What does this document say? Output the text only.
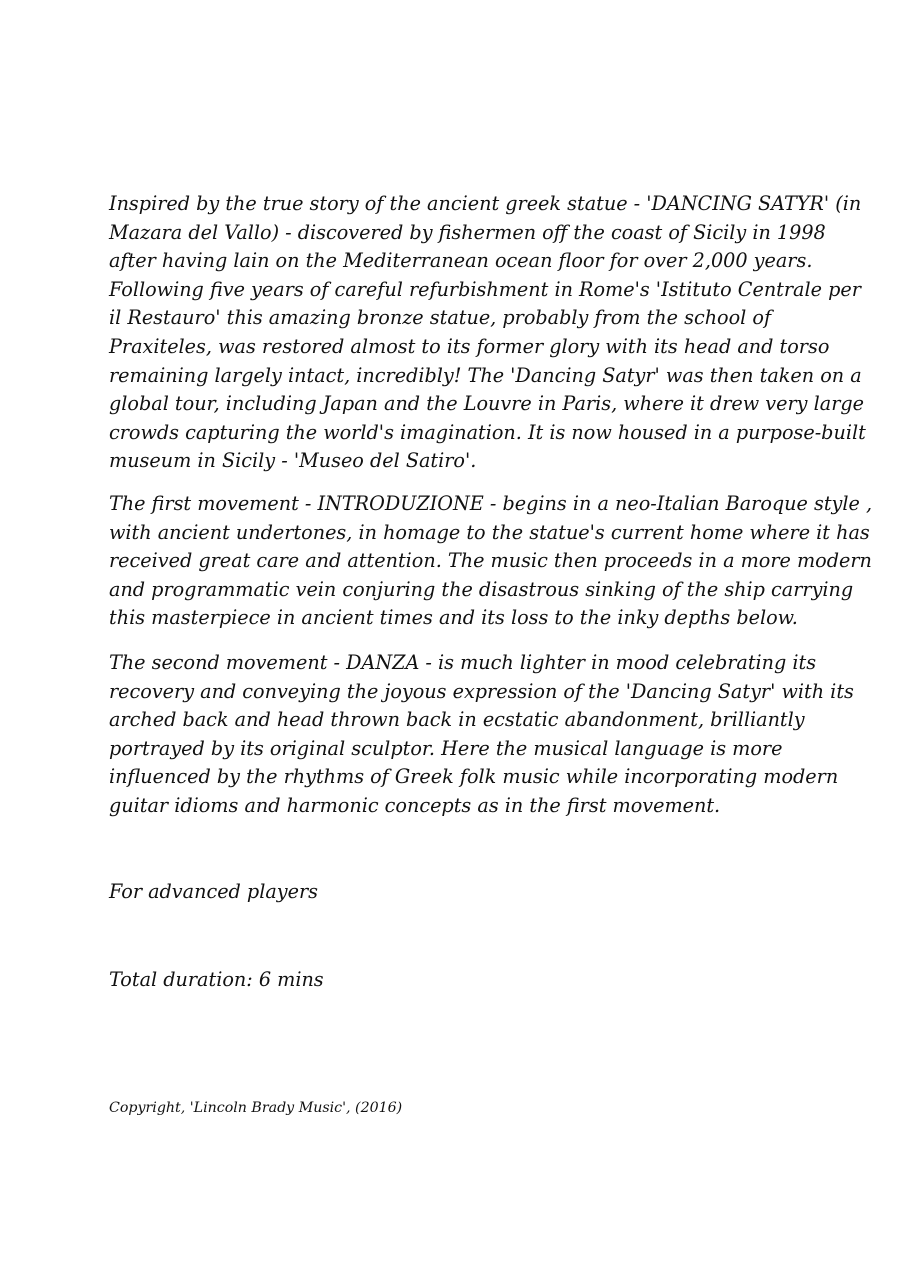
Inspired by the true story of the ancient greek statue - 'DANCING SATYR' (in
Mazara del Vallo) - discovered by fishermen off the coast of Sicily in 1998
after having lain on the Mediterranean ocean floor for over 2,000 years.
Following five years of careful refurbishment in Rome's 'Istituto Centrale per
il Restauro' this amazing bronze statue, probably from the school of
Praxiteles, was restored almost to its former glory with its head and torso
remaining largely intact, incredibly! The 'Dancing Satyr' was then taken on a
global tour, including Japan and the Louvre in Paris, where it drew very large
crowds capturing the world's imagination. It is now housed in a purpose-built
museum in Sicily - 'Museo del Satiro'.

The first movement - INTRODUZIONE - begins in a neo-Italian Baroque style ,
with ancient undertones, in homage to the statue's current home where it has
received great care and attention. The music then proceeds in a more modern
and programmatic vein conjuring the disastrous sinking of the ship carrying
this masterpiece in ancient times and its loss to the inky depths below.

The second movement - DANZA - is much lighter in mood celebrating its
recovery and conveying the joyous expression of the 'Dancing Satyr' with its
arched back and head thrown back in ecstatic abandonment, brilliantly
portrayed by its original sculptor. Here the musical language is more
influenced by the rhythms of Greek folk music while incorporating modern
guitar idioms and harmonic concepts as in the first movement.

For advanced players

Total duration: 6 mins

Copyright, 'Lincoln Brady Music', (2016)
